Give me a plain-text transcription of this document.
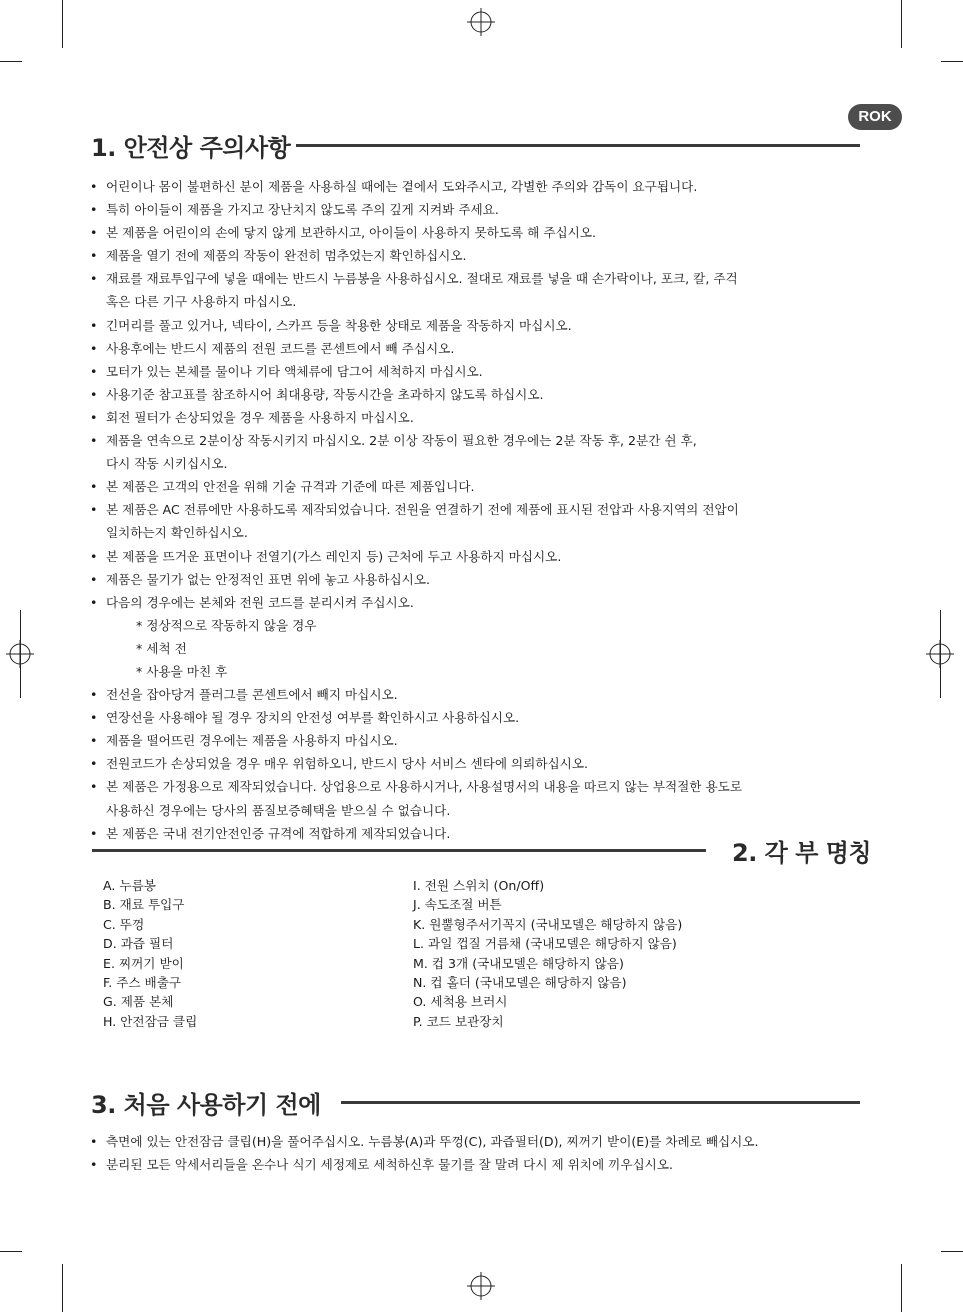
ROK
1. 안전상 주의사항
• 어린이나 몸이 불편하신 분이 제품을 사용하실 때에는 곁에서 도와주시고, 각별한 주의와 감독이 요구됩니다.
• 특히 아이들이 제품을 가지고 장난치지 않도록 주의 깊게 지켜봐 주세요.
• 본 제품을 어린이의 손에 닿지 않게 보관하시고, 아이들이 사용하지 못하도록 해 주십시오.
• 제품을 열기 전에 제품의 작동이 완전히 멈추었는지 확인하십시오.
• 재료를 재료투입구에 넣을 때에는 반드시 누름봉을 사용하십시오. 절대로 재료를 넣을 때 손가락이나, 포크, 칼, 주걱
혹은 다른 기구 사용하지 마십시오.
• 긴머리를 풀고 있거나, 넥타이, 스카프 등을 착용한 상태로 제품을 작동하지 마십시오.
• 사용후에는 반드시 제품의 전원 코드를 콘센트에서 빼 주십시오.
• 모터가 있는 본체를 물이나 기타 액체류에 담그어 세척하지 마십시오.
• 사용기준 참고표를 참조하시어 최대용량, 작동시간을 초과하지 않도록 하십시오.
• 회전 필터가 손상되었을 경우 제품을 사용하지 마십시오.
• 제품을 연속으로 2분이상 작동시키지 마십시오. 2분 이상 작동이 필요한 경우에는 2분 작동 후, 2분간 쉰 후,
다시 작동 시키십시오.
• 본 제품은 고객의 안전을 위해 기술 규격과 기준에 따른 제품입니다.
• 본 제품은 AC 전류에만 사용하도록 제작되었습니다. 전원을 연결하기 전에 제품에 표시된 전압과 사용지역의 전압이
일치하는지 확인하십시오.
• 본 제품을 뜨거운 표면이나 전열기(가스 레인지 등) 근처에 두고 사용하지 마십시오.
• 제품은 물기가 없는 안정적인 표면 위에 놓고 사용하십시오.
• 다음의 경우에는 본체와 전원 코드를 분리시켜 주십시오.
* 정상적으로 작동하지 않을 경우
* 세척 전
* 사용을 마친 후
• 전선을 잡아당겨 플러그를 콘센트에서 빼지 마십시오.
• 연장선을 사용해야 될 경우 장치의 안전성 여부를 확인하시고 사용하십시오.
• 제품을 떨어뜨린 경우에는 제품을 사용하지 마십시오.
• 전원코드가 손상되었을 경우 매우 위험하오니, 반드시 당사 서비스 센타에 의뢰하십시오.
• 본 제품은 가정용으로 제작되었습니다. 상업용으로 사용하시거나, 사용설명서의 내용을 따르지 않는 부적절한 용도로
사용하신 경우에는 당사의 품질보증혜택을 받으실 수 없습니다.
• 본 제품은 국내 전기안전인증 규격에 적합하게 제작되었습니다.
2. 각 부 명칭
A. 누름봉
B. 재료 투입구
C. 뚜껑
D. 과즙 필터
E. 찌꺼기 받이
F. 주스 배출구
G. 제품 본체
H. 안전잠금 클립
I. 전원 스위치 (On/Off)
J. 속도조절 버튼
K. 원뿔형주서기꼭지 (국내모델은 해당하지 않음)
L. 과일 껍질 거름채 (국내모델은 해당하지 않음)
M. 컵 3개 (국내모델은 해당하지 않음)
N. 컵 홀더 (국내모델은 해당하지 않음)
O. 세척용 브러시
P. 코드 보관장치
3. 처음 사용하기 전에
• 측면에 있는 안전잠금 클립(H)을 풀어주십시오. 누름봉(A)과 뚜껑(C), 과즙필터(D), 찌꺼기 받이(E)를 차례로 빼십시오.
• 분리된 모든 악세서리들을 온수나 식기 세정제로 세척하신후 물기를 잘 말려 다시 제 위치에 끼우십시오.
